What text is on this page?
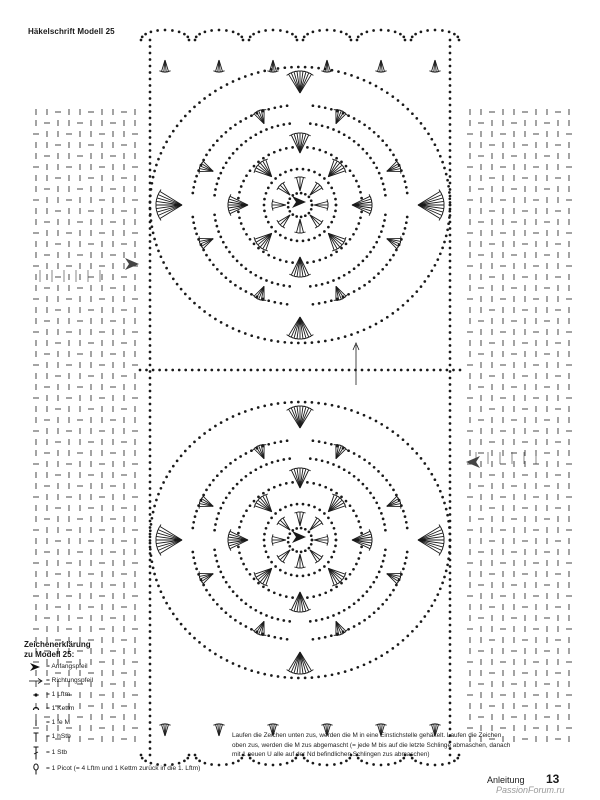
Häkelschrift Modell 25
Zeichenerklärung
zu Modell 25:
= Anfangspfeil
= Richtungspfeil
= 1 Lftm
= 1 Kettm
= 1 fe M
= 1 hStb
= 1 Stb
= 1 Picot (= 4 Lftm und 1 Kettm zurück in die 1. Lftm)

Laufen die Zeichen unten zus, werden die M in eine Einstichstelle gehäkelt. Laufen die Zeichen

oben zus, werden die M zus abgemascht (= jede M bis auf die letzte Schlinge abmaschen, danach

mit 1 neuen U alle auf der Nd befindlichen Schlingen zus abmaschen)

Anleitung 13
PassionForum.ru
